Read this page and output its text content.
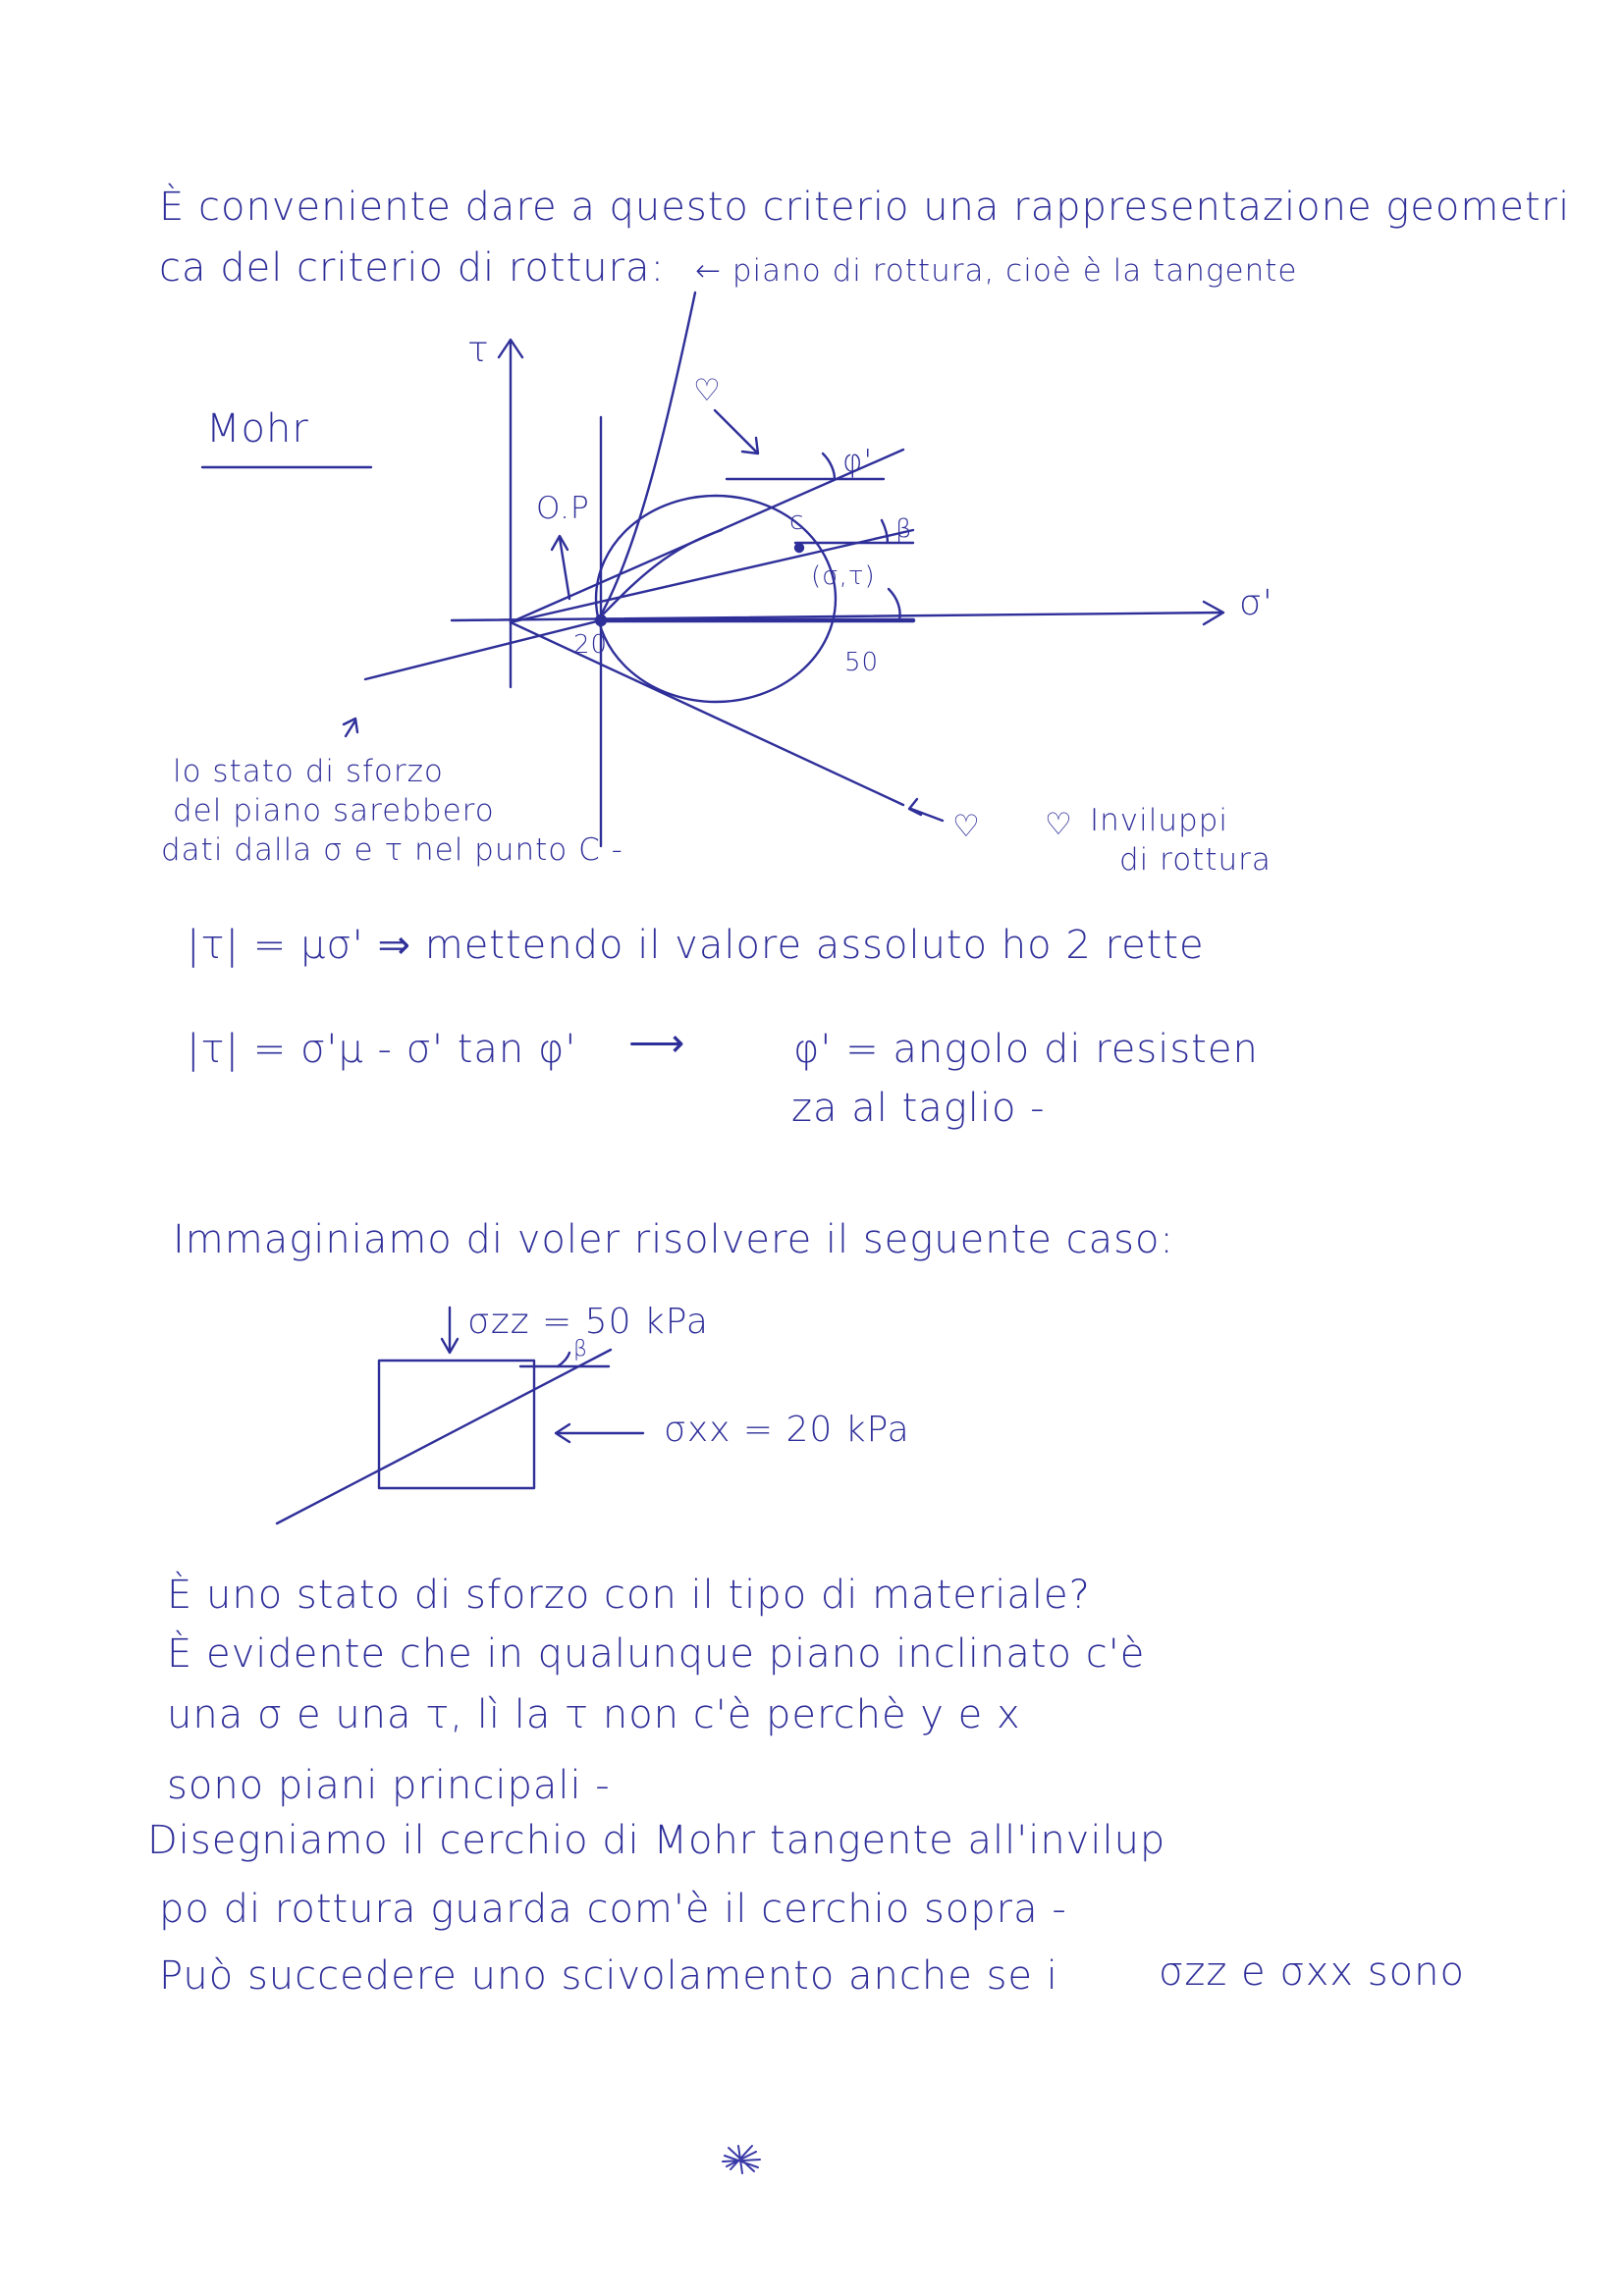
È conveniente dare a questo criterio una rappresentazione geometri
ca del criterio di rottura: ← piano di rottura, cioè è la tangente
τ
σ'
Mohr
O.P
φ'
c	β
(σ,τ)
20
50
♡
♡ ♡
lo stato di sforzo
del piano sarebbero
dati dalla σ e τ nel punto C -
Inviluppi
di rottura
|τ| = μσ' ⇒ mettendo il valore assoluto ho 2 rette
|τ| = σ'μ - σ' tan φ' ⟶	φ' = angolo di resisten
za al taglio -
Immaginiamo di voler risolvere il seguente caso:
σzz = 50 kPa
σxx = 20 kPa
β
È uno stato di sforzo con il tipo di materiale?
È evidente che in qualunque piano inclinato c'è
una σ e una τ, lì la τ non c'è perchè y e x
sono piani principali -
Disegniamo il cerchio di Mohr tangente all'invilup
po di rottura guarda com'è il cerchio sopra -
Può succedere uno scivolamento anche se i	σzz e σxx sono
